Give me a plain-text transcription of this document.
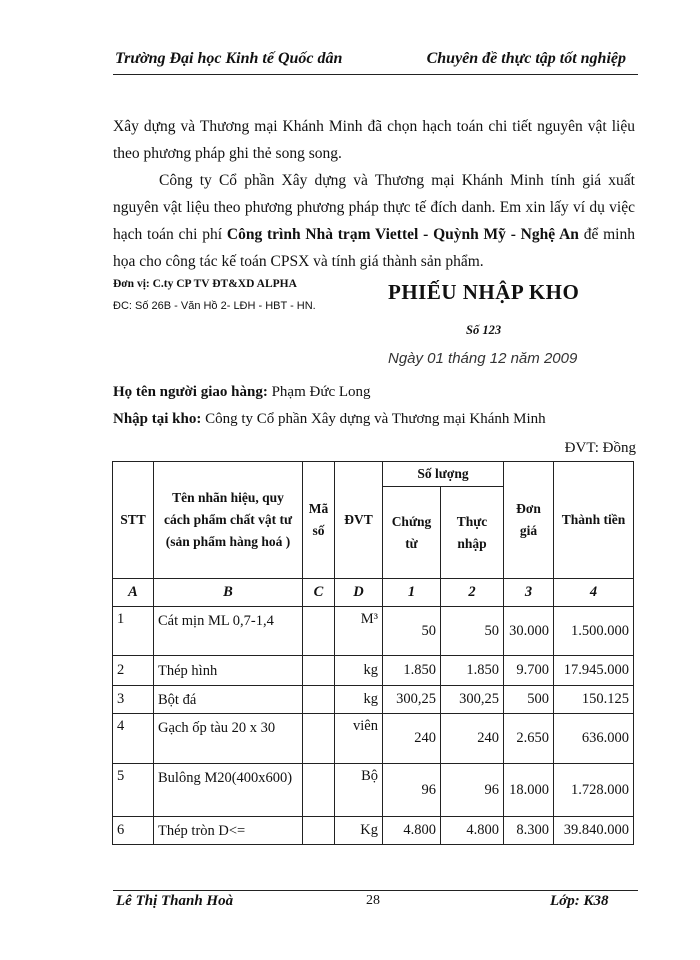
Trường Đại học Kinh tế Quốc dân	Chuyên đề thực tập tốt nghiệp
Xây dựng và Thương mại Khánh Minh đã chọn hạch toán chi tiết nguyên vật liệu theo phương pháp ghi thẻ song song.
Công ty Cổ phần Xây dựng và Thương mại Khánh Minh tính giá xuất nguyên vật liệu theo phương phương pháp thực tế đích danh. Em xin lấy ví dụ việc hạch toán chi phí Công trình Nhà trạm Viettel - Quỳnh Mỹ - Nghệ An để minh họa cho công tác kế toán CPSX và tính giá thành sản phẩm.
Đơn vị: C.ty CP TV ĐT&XD ALPHA
ĐC: Số 26B - Văn Hồ 2- LĐH - HBT - HN.
PHIẾU NHẬP KHO
Số 123
Ngày 01 tháng 12 năm 2009
Họ tên người giao hàng: Phạm Đức Long
Nhập tại kho: Công ty Cổ phần Xây dựng và Thương mại Khánh Minh
ĐVT: Đồng
STT	Tên nhãn hiệu, quy cách phẩm chất vật tư (sản phẩm hàng hoá )	Mã số	ĐVT	Số lượng		Đơn giá	Thành tiền
				Chứng từ	Thực nhập		
A	B	C	D	1	2	3	4
1	Cát mịn ML 0,7-1,4		M³	50	50	30.000	1.500.000
2	Thép hình		kg	1.850	1.850	9.700	17.945.000
3	Bột đá		kg	300,25	300,25	500	150.125
4	Gạch ốp tàu 20 x 30		viên	240	240	2.650	636.000
5	Bulông M20(400x600)		Bộ	96	96	18.000	1.728.000
6	Thép tròn D<=		Kg	4.800	4.800	8.300	39.840.000
Lê Thị Thanh Hoà	28	Lớp: K38
